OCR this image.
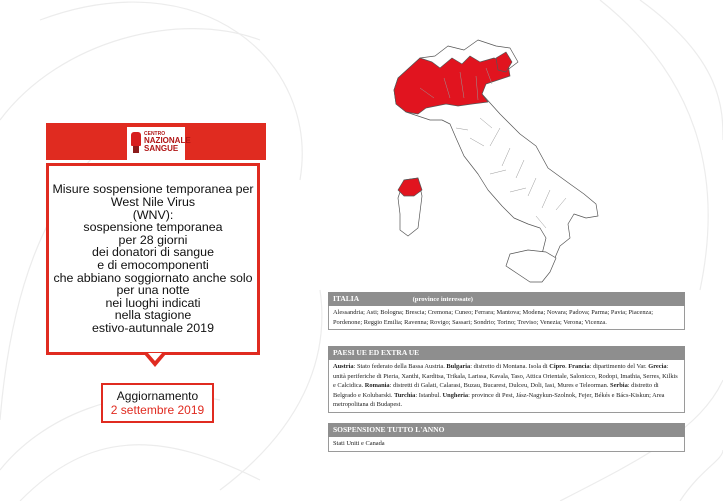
CENTRO
NAZIONALE
SANGUE
Misure sospensione temporanea per
West Nile Virus
(WNV):
sospensione temporanea
per 28 giorni
dei donatori di sangue
e di emocomponenti
che abbiano soggiornato anche solo
per una notte
nei luoghi indicati
nella stagione
estivo-autunnale 2019
Aggiornamento
2 settembre 2019
ITALIA	(province interessate)
Alessandria; Asti; Bologna; Brescia; Cremona; Cuneo; Ferrara; Mantova; Modena; Novara; Padova; Parma; Pavia; Piacenza; Pordenone; Reggio Emilia; Ravenna; Rovigo; Sassari; Sondrio; Torino; Treviso; Venezia; Verona; Vicenza.
PAESI UE ED EXTRA UE
Austria: Stato federato della Bassa Austria. Bulgaria: distretto di Montana. Isola di Cipro. Francia: dipartimento del Var. Grecia: unità periferiche di Pieria, Xanthi, Karditsa, Trikala, Larissa, Kavala, Taso, Attica Orientale, Salonicco, Rodopi, Imathia, Serres, Kilkis e Calcidica. Romania: distretti di Galati, Calarasi, Buzau, Bucarest, Dulceu, Doli, Iasi, Mures e Teleorman. Serbia: distretto di Belgrado e Kolubarski. Turchia: Istanbul. Ungheria: province di Pest, Jász-Nagykun-Szolnok, Fejer, Békés e Bács-Kiskun; Area metropolitana di Budapest.
SOSPENSIONE TUTTO L'ANNO
Stati Uniti e Canada
